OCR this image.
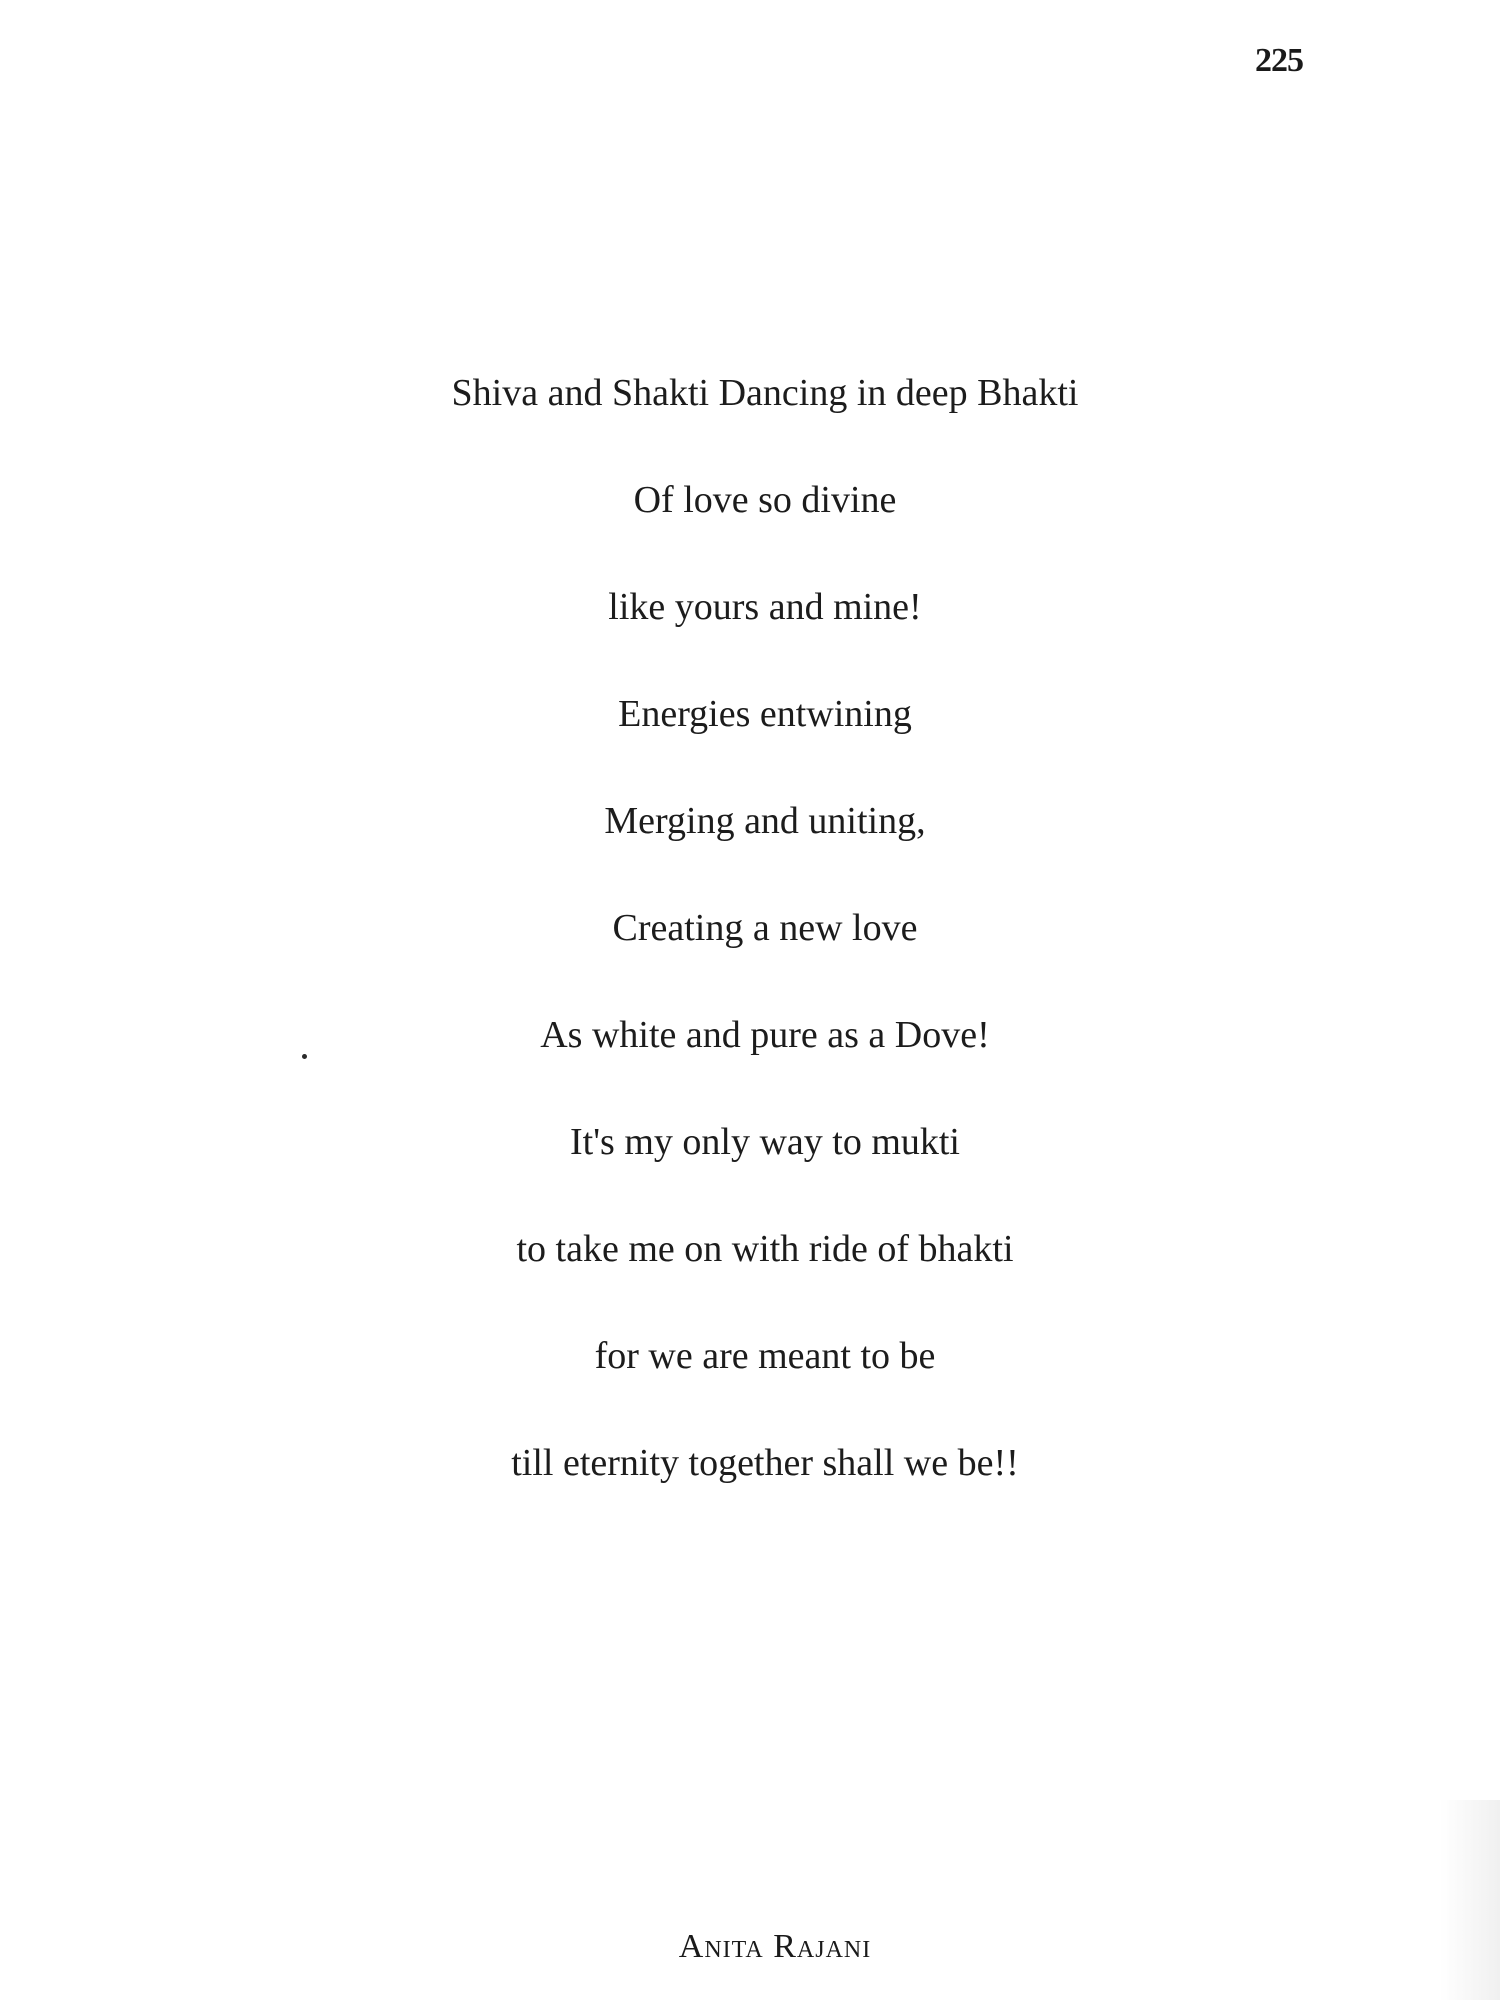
225
Shiva and Shakti Dancing in deep Bhakti
Of love so divine
like yours and mine!
Energies entwining
Merging and uniting,
Creating a new love
As white and pure as a Dove!
It's my only way to mukti
to take me on with ride of bhakti
for we are meant to be
till eternity together shall we be!!
Anita Rajani
